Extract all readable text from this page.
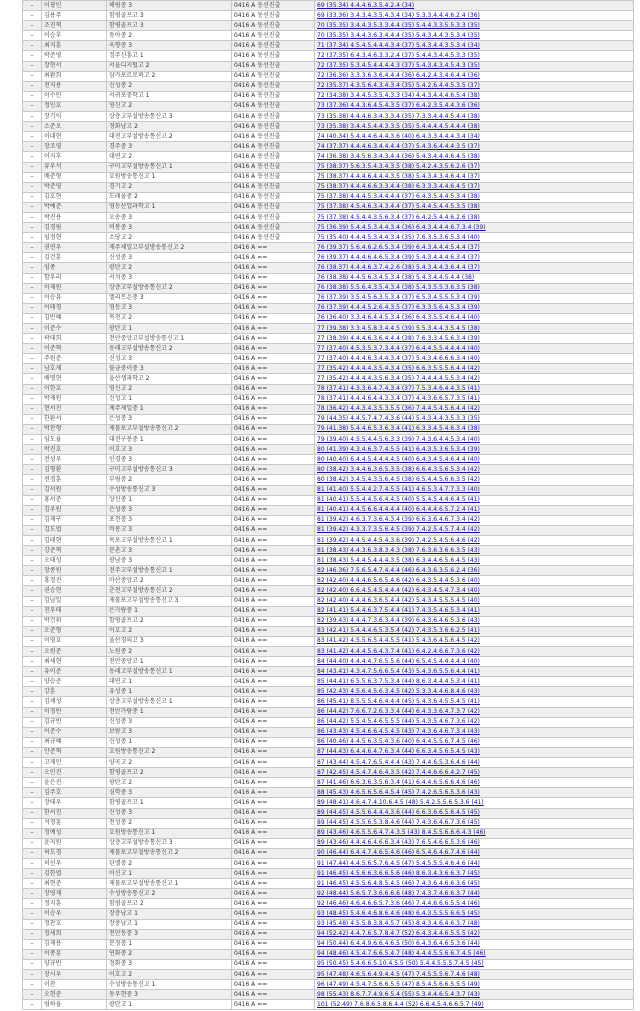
–	이창민	해림중 3	0416 A 동선진출	69 (35.34) 4.4.4.6.3.5.4.2.4 (34)
–	김용주	함평골프고 3	0416 A 동선진출	69 (33.36) 3.4.3.4.3.5.4.3.4 (34) 5.3.3.4.4.4.6.2.4 (36)
–	조진혁	함평골프고 3	0416 A 동선진출	70 (35.35) 3.4.4.3.5.3.3.4.4 (35) 5.4.4.3.3.5.5.3.3 (35)
–	이승후	동아중 2	0416 A 동선진출	70 (35.35) 3.4.4.3.6.3.4.4.4 (35) 5.4.3.4.4.3.5.3.4 (35)
–	최지훈	옥향중 3	0416 A 동선진출	71 (37.34) 4.5.4.5.4.4.4.3.4 (37) 5.4.3.4.4.3.5.3.4 (34)
–	박준영	정주신흥고 1	0416 A 동선진출	72 (37.35) 6.4.3.4.6.3.3.2.4 (37) 5.4.4.3.4.4.5.3.3 (35)
–	장현서	서울디지털고 2	0416 A 동선진출	72 (37.35) 5.3.4.5.4.4.4.4.3 (37) 5.4.3.4.3.4.5.4.3 (35)
–	최환희	삼가포르로퍼고 2	0416 A 동선진출	72 (36.36) 3.3.3.6.3.6.4.4.4 (36) 6.4.2.4.3.4.6.4.4 (36)
–	전지용	신성중 2	0416 A 동선진출	72 (35.37) 4.3.5.6.4.3.4.3.4 (35) 5.4.2.6.4.4.5.3.5 (37)
–	이수민	서귀포중학고 1	0416 A 동선진출	72 (34.38) 3.4.4.5.3.5.4.3.3 (34) 4.4.3.4.4.4.6.5.4 (38)
–	정인호	영신고 2	0416 A 동선진출	73 (37.36) 4.4.3.6.4.5.4.3.5 (37) 6.4.2.3.5.4.4.3.6 (36)
–	장기익	상층고부설방송통신고 3	0416 A 동선진출	73 (35.38) 4.4.4.6.3.4.3.3.4 (35) 7.3.3.4.4.4.5.4.4 (38)
–	소준오	정화남고 2	0416 A 동선진출	73 (35.38) 3.4.4.5.4.4.3.3.5 (35) 5.4.4.4.4.5.4.4.4 (38)
–	이대현	대전고부설방송통신고 2	0416 A 동선진출	74 (40.34) 5.4.4.4.6.4.4.3.6 (40) 6.4.3.3.4.4.4.3.4 (34)
–	장조영	경주중 3	0416 A 동선진출	74 (37.37) 4.4.4.6.3.4.4.4.4 (37) 5.4.3.6.4.4.4.3.5 (37)
–	이지후	대연고 2	0416 A 동선진출	74 (36.38) 3.4.5.6.3.4.3.4.4 (36) 5.4.3.4.4.4.6.4.5 (38)
–	류우석	구미고부설방송통신고 1	0416 A 동선진출	75 (38.37) 5.6.3.5.4.3.4.3.5 (38) 5.4.2.4.3.5.6.2.6 (37)
–	배준형	호원방송통신고 1	0416 A 동선진출	75 (38.37) 4.4.4.6.4.4.4.3.5 (38) 5.4.3.4.3.4.6.4.4 (37)
–	박준영	경기고 2	0416 A 동선진출	75 (38.37) 4.4.4.6.6.3.3.4.4 (38) 6.3.3.3.4.4.6.4.5 (37)
–	김호현	도래울중 2	0416 A 동선진출	75 (37.38) 4.4.4.5.3.4.4.4.4 (37) 6.4.3.5.4.4.5.3.4 (38)
–	박예준	영등산업과학고 1	0416 A 동선진출	75 (37.38) 4.5.4.6.3.4.3.4.4 (37) 5.4.4.5.4.4.5.3.5 (38)
–	박진용	오송중 3	0416 A 동선진출	75 (37.38) 4.5.4.4.3.5.6.3.4 (37) 6.4.2.5.4.4.6.2.6 (38)
–	김경림	비봉중 3	0416 A 동선진출	75 (36.39) 5.4.4.5.3.4.4.3.4 (36) 6.4.3.4.4.4.6.7.3.4 (39)
–	임정현	소당고 2	0416 A 동선진출	75 (35.40) 4.4.4.5.3.4.4.3.4 (35) 7.6.3.5.3.6.5.3.4 (40)
–	권연우	제주제일고부설방송통신고 2	0416 A ==	76 (39.37) 5.6.4.6.2.6.5.3.4 (39) 6.4.3.4.4.4.5.4.4 (37)
–	김건훈	신성중 3	0416 A ==	76 (39.37) 4.4.4.6.4.6.5.3.4 (39) 5.4.3.4.4.4.6.3.4 (37)
–	임종	광탄고 2	0416 A ==	76 (38.37) 4.4.4.6.3.7.4.2.6 (38) 5.4.3.4.4.3.6.4.4 (37)
–	함우리	서석중 3	0416 A ==	76 (38.38) 4.4.5.6.3.4.5.3.4 (38) 5.4.3.4.4.5.4.4 (38)
–	이제원	상층고부설방송통신고 2	0416 A ==	76 (38.38) 5.5.6.4.3.5.4.3.4 (38) 5.4.3.5.5.3.6.3.5 (38)
–	이승유	엘리트온중 3	0416 A ==	76 (37.39) 3.5.4.5.6.3.5.3.4 (37) 6.5.3.4.5.5.5.3.4 (39)
–	이태경	영등고 3	0416 A ==	76 (37.39) 4.4.4.5.2.6.4.3.5 (37) 6.3.3.5.6.4.5.3.4 (39)
–	김빈혜	목천고 2	0416 A ==	76 (36.40) 3.3.4.6.4.4.5.3.4 (36) 6.4.3.5.5.4.6.4.4 (40)
–	이준수	광탄고 1	0416 A ==	77 (39.38) 3.3.4.5.8.3.4.4.5 (39) 5.5.3.4.4.3.5.4.5 (38)
–	곽태희	천안중앙고부설방송통신고 1	0416 A ==	77 (38.39) 4.4.4.6.3.6.4.4.4 (38) 7.6.3.3.4.5.6.3.4 (39)
–	이준혁	동래고부설방송통신고 2	0416 A ==	77 (37.40) 4.5.3.5.3.7.3.4.4 (37) 6.4.4.5.5.4.4.4.4 (40)
–	주원준	신성고 3	0416 A ==	77 (37.40) 4.4.4.6.3.4.4.3.4 (37) 5.4.3.4.6.6.6.3.4 (40)
–	남호제	물금중이중 3	0416 A ==	77 (35.42) 4.4.4.4.3.5.4.3.4 (35) 6.6.3.5.5.5.6.4.4 (42)
–	배명현	울산생과학고 2	0416 A ==	77 (35.42) 4.4.4.4.3.5.6.3.4 (35) 7.4.4.4.4.5.5.3.4 (42)
–	이한호	영신고 2	0416 A ==	78 (37.41) 4.3.3.6.4.7.4.3.4 (37) 7.5.3.4.6.4.4.3.5 (41)
–	박재원	신성고 1	0416 A ==	78 (37.41) 4.4.4.6.4.4.3.3.4 (37) 4.4.3.6.6.5.7.3.5 (41)
–	현서진	제주제일중 1	0416 A ==	78 (36.42) 4.4.3.4.3.5.3.5.5 (36) 7.4.4.5.4.5.6.4.4 (42)
–	한환서	은성중 3	0416 A ==	79 (44.35) 4.4.5.7.4.7.4.3.6 (44) 5.4.3.4.4.3.5.3.3 (35)
–	박찬형	제물포고부설방송통신고 2	0416 A ==	79 (41.38) 5.4.4.6.5.3.6.3.4 (41) 6.3.3.4.5.4.6.3.4 (38)
–	임도율	대전구봉중 1	0416 A ==	79 (39.40) 4.5.5.4.4.5.6.3.3 (39) 7.4.3.6.4.4.5.3.4 (40)
–	박진호	이호고 3	0416 A ==	80 (41.39) 4.3.4.6.3.7.4.5.5 (41) 6.4.3.5.3.6.5.3.4 (39)
–	전성우	인경중 3	0416 A ==	80 (40.40) 6.4.4.5.4.4.4.4.5 (40) 6.4.3.4.5.4.6.4.4 (40)
–	김형환	구미고부설방송통신고 3	0416 A ==	80 (38.42) 3.4.4.6.3.6.5.3.5 (38) 6.6.4.3.5.6.5.3.4 (42)
–	전경훈	부림중 2	0416 A ==	80 (38.42) 3.4.5.4.3.5.6.4.5 (38) 6.5.4.4.5.6.6.3.5 (42)
–	김서원	수성방송통신고 3	0416 A ==	81 (41.40) 5.5.4.4.2.7.4.5.5 (41) 4.6.5.3.4.7.7.3.3 (40)
–	홍서준	상신중 1	0416 A ==	81 (40.41) 5.5.4.4.5.6.4.4.5 (40) 5.5.4.5.4.4.6.4.5 (41)
–	김우원	은성중 3	0416 A ==	81 (40.41) 4.4.5.6.6.4.4.4.4 (40) 6.4.4.4.6.5.7.2.4 (41)
–	김재구	포천중 3	0416 A ==	81 (39.42) 4.6.3.7.3.6.4.3.4 (39) 6.6.3.6.4.6.7.3.4 (42)
–	김도엽	비봉고 3	0416 A ==	81 (39.42) 4.3.3.7.3.5.6.4.5 (39) 7.4.2.5.4.5.7.4.4 (42)
–	김태현	목포고부설방송통신고 1	0416 A ==	81 (39.42) 4.4.5.4.4.5.4.3.6 (39) 7.4.2.5.4.5.6.4.6 (42)
–	강준혁	문촌고 3	0416 A ==	81 (38.43) 4.4.3.6.3.8.3.4.3 (38) 7.6.3.6.3.6.6.3.5 (43)
–	오태성	광남중 3	0416 A ==	81 (38.43) 5.4.4.5.4.4.4.3.5 (38) 6.3.4.4.6.5.6.4.5 (43)
–	장종원	전주고부설방송통신고 1	0416 A ==	82 (46.36) 7.5.6.5.4.7.4.4.4 (46) 6.4.3.6.3.5.6.2.4 (36)
–	홍정진	마산중앙고 2	0416 A ==	82 (42.40) 4.4.4.6.5.6.5.4.6 (42) 6.4.3.5.4.4.5.3.6 (40)
–	권승현	춘천고부설방송통신고 2	0416 A ==	82 (42.40) 6.6.4.5.4.5.4.4.4 (42) 6.4.3.4.5.4.7.3.4 (40)
–	김남일	제물포고부설방송통신고 3	0416 A ==	82 (42.40) 4.4.4.6.3.6.5.4.4 (42) 5.4.3.4.5.5.5.4.5 (40)
–	진우태	은가람중 1	0416 A ==	82 (41.41) 5.4.4.6.3.7.5.4.4 (41) 7.4.3.5.4.6.5.3.4 (41)
–	박건휘	함평골프고 2	0416 A ==	82 (39.43) 4.4.4.7.3.6.3.4.4 (39) 6.4.3.6.4.6.5.3.6 (43)
–	오준형	이호고 2	0416 A ==	83 (42.41) 5.4.4.4.6.5.3.5.4 (42) 7.4.3.5.3.6.6.2.5 (41)
–	이영호	울산경의고 3	0416 A ==	83 (41.42) 4.5.5.6.5.4.4.5.5 (41) 5.4.3.6.4.5.6.4.5 (42)
–	오원준	노원중 2	0416 A ==	83 (41.42) 4.4.4.5.6.4.3.7.4 (41) 6.4.2.4.6.6.7.3.6 (42)
–	최세현	천안중앙고 1	0416 A ==	84 (44.40) 4.4.4.4.7.6.5.5.6 (44) 6.5.4.5.4.4.4.4.4 (40)
–	유이준	동래고부설방송통신고 1	0416 A ==	84 (43.41) 4.3.4.7.5.6.6.5.4 (43) 5.4.3.6.5.5.6.4.4 (41)
–	양승준	대연고 1	0416 A ==	85 (44.41) 6.5.5.6.3.7.5.3.4 (44) 8.6.3.4.4.4.5.3.4 (41)
–	강훈	유성중 1	0416 A ==	85 (42.43) 4.5.6.4.5.6.3.4.5 (42) 5.3.3.4.4.6.8.4.6 (43)
–	김재성	상층고부설방송통신고 1	0416 A ==	86 (45.41) 8.5.5.5.4.6.4.4.4 (45) 5.4.3.6.4.5.5.4.5 (41)
–	이정빈	천안가람중 1	0416 A ==	86 (44.42) 7.6.6.7.2.6.3.3.4 (44) 6.4.3.3.6.4.7.3.7 (42)
–	김규빈	신성중 3	0416 A ==	86 (44.42) 5.5.4.5.4.6.5.5.5 (44) 5.4.3.5.4.6.7.3.6 (42)
–	이준수	보람고 3	0416 A ==	86 (43.43) 4.5.4.6.6.4.5.4.5 (43) 7.4.3.6.4.6.7.3.4 (43)
–	최규혜	신성중 1	0416 A ==	86 (40.46) 4.4.5.6.3.5.4.3.6 (40) 6.4.4.5.5.6.7.4.5 (46)
–	안준혁	호원방송통신고 2	0416 A ==	87 (44.43) 6.4.4.6.4.7.6.3.4 (44) 6.6.3.4.5.6.5.4.5 (43)
–	고재민	양곡고 2	0416 A ==	87 (43.44) 4.5.4.7.6.5.4.4.4 (43) 7.4.4.6.5.3.6.4.6 (44)
–	오민진	함평골프고 2	0416 A ==	87 (42.45) 4.5.4.7.4.6.4.3.5 (42) 7.4.4.6.6.6.4.2.7 (45)
–	윤은진	광탄고 2	0416 A ==	87 (41.46) 6.6.3.6.3.5.6.3.4 (41) 6.4.4.6.5.6.6.4.6 (46)
–	김주호	심학중 3	0416 A ==	88 (45.43) 4.6.5.6.5.6.4.5.4 (45) 7.4.2.6.5.6.5.3.6 (43)
–	장태우	함평골프고 1	0416 A ==	89 (48.41) 4.6.4.7.4.10.6.4.5 (48) 5.4.2.5.5.6.5.3.6 (41)
–	한서진	신성중 3	0416 A ==	89 (44.45) 4.5.5.6.4.4.4.3.6 (44) 6.6.3.6.6.5.6.4.5 (45)
–	석정훈	천성중 2	0416 A ==	89 (44.45) 4.5.5.6.5.3.8.4.6 (44) 7.4.3.6.4.6.7.3.6 (45)
–	정예성	호원방송통신고 1	0416 A ==	89 (43.46) 4.6.5.5.6.4.7.4.3.5 (43) 8.4.5.5.6.6.6.4.3 (46)
–	윤지원	상층고부설방송통신고 3	0416 A ==	89 (43.46) 4.4.4.6.4.6.6.3.4 (43) 7.6.5.4.6.6.5.3.6 (46)
–	허도경	제물포고부설방송통신고 2	0416 A ==	90 (46.44) 6.4.4.7.4.6.5.4.6 (46) 6.5.4.6.4.6.7.4.6 (44)
–	허선우	틴엘중 2	0416 A ==	91 (47.44) 4.4.5.6.5.7.6.4.5 (47) 5.4.5.5.5.4.6.4.6 (44)
–	김한엽	이신고 1	0416 A ==	91 (46.45) 4.5.6.6.3.6.6.5.6 (46) 8.6.3.4.3.6.6.3.7 (45)
–	최현준	제물포고부설방송통신고 1	0416 A ==	91 (46.45) 4.5.5.6.4.8.5.4.5 (46) 7.4.3.6.4.6.6.3.6 (45)
–	장영재	수성방송통신고 2	0416 A ==	92 (48.44) 5.6.5.7.3.6.6.6.6 (48) 7.4.3.7.4.6.6.3.7 (44)
–	정지훈	함평골프고 2	0416 A ==	92 (46.46) 4.6.4.6.6.5.7.3.6 (46) 7.4.4.6.6.6.5.5.4 (46)
–	이승우	장충남고 1	0416 A ==	93 (48.45) 5.4.6.4.6.8.6.4.6 (48) 6.4.3.5.5.5.6.6.5 (45)
–	정찬호	장충남고 1	0416 A ==	93 (45.48) 4.5.5.8.3.8.4.5.7 (45) 8.4.3.4.6.4.6.3.7 (48)
–	정세희	천안동중 3	0416 A ==	94 (52.42) 4.4.7.6.5.7.8.4.7 (52) 6.4.3.4.4.6.5.5.5 (42)
–	김재용	문정중 1	0416 A ==	94 (50.44) 6.4.4.9.6.6.4.6.5 (50) 6.4.3.6.4.6.5.3.6 (44)
–	이종훈	연화중 2	0416 A ==	94 (48.46) 4.5.4.7.6.6.5.4.7 (48) 4.4.4.5.5.6.6.7.4.5 (46)
–	양규빈	정화중 3	0416 A ==	95 (50.45) 5.4.6.6.5.10.4.5.5 (50) 5.4.4.5.5.5.7.4.5 (45)
–	장시우	이호고 2	0416 A ==	95 (47.48) 4.6.5.6.4.9.4.4.5 (47) 7.4.5.5.5.6.7.4.6 (48)
–	이찬	수성방송통신고 1	0416 A ==	96 (47.49) 4.5.4.7.5.6.6.5.5 (47) 8.5.4.5.6.6.5.5.5 (49)
–	오현준	동우현중 3	0416 A ==	98 (55.43) 8.6.7.7.4.9.6.5.4 (55) 5.3.4.4.6.5.4.3.7 (43)
–	엄하율	광탄고 1	0416 A ==	101 (52.49) 7.6.8.6.5.8.6.4.4 (52) 6.6.4.5.4.6.6.5.7 (49)
